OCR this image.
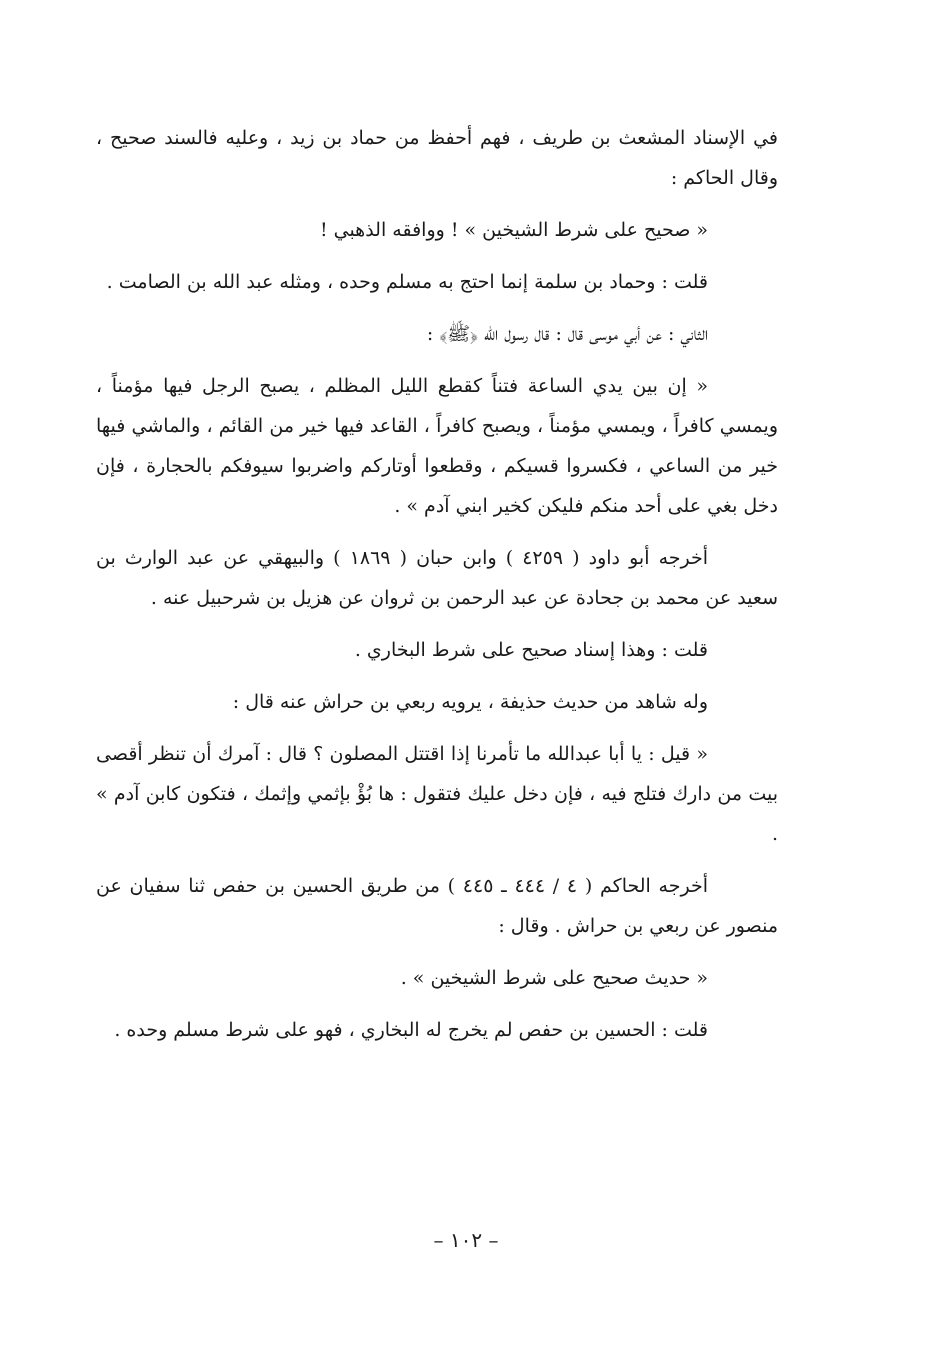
في الإسناد المشعث بن طريف ، فهم أحفظ من حماد بن زيد ، وعليه فالسند صحيح ، وقال الحاكم :

« صحيح على شرط الشيخين » ! ووافقه الذهبي !

قلت : وحماد بن سلمة إنما احتج به مسلم وحده ، ومثله عبد الله بن الصامت .

الثاني : عن أبي موسى قال : قال رسول الله ﴿ﷺ﴾ :

« إن بين يدي الساعة فتناً كقطع الليل المظلم ، يصبح الرجل فيها مؤمناً ، ويمسي كافراً ، ويمسي مؤمناً ، ويصبح كافراً ، القاعد فيها خير من القائم ، والماشي فيها خير من الساعي ، فكسروا قسيكم ، وقطعوا أوتاركم واضربوا سيوفكم بالحجارة ، فإن دخل بغي على أحد منكم فليكن كخير ابني آدم » .

أخرجه أبو داود ( ٤٢٥٩ ) وابن حبان ( ١٨٦٩ ) والبيهقي عن عبد الوارث بن سعيد عن محمد بن جحادة عن عبد الرحمن بن ثروان عن هزيل بن شرحبيل عنه .

قلت : وهذا إسناد صحيح على شرط البخاري .

وله شاهد من حديث حذيفة ، يرويه ربعي بن حراش عنه قال :

« قيل : يا أبا عبدالله ما تأمرنا إذا اقتتل المصلون ؟ قال : آمرك أن تنظر أقصى بيت من دارك فتلج فيه ، فإن دخل عليك فتقول : ها بُؤْ بإثمي وإثمك ، فتكون كابن آدم » .

أخرجه الحاكم ( ٤ / ٤٤٤ ـ ٤٤٥ ) من طريق الحسين بن حفص ثنا سفيان عن منصور عن ربعي بن حراش . وقال :

« حديث صحيح على شرط الشيخين » .

قلت : الحسين بن حفص لم يخرج له البخاري ، فهو على شرط مسلم وحده .

– ١٠٢ –
